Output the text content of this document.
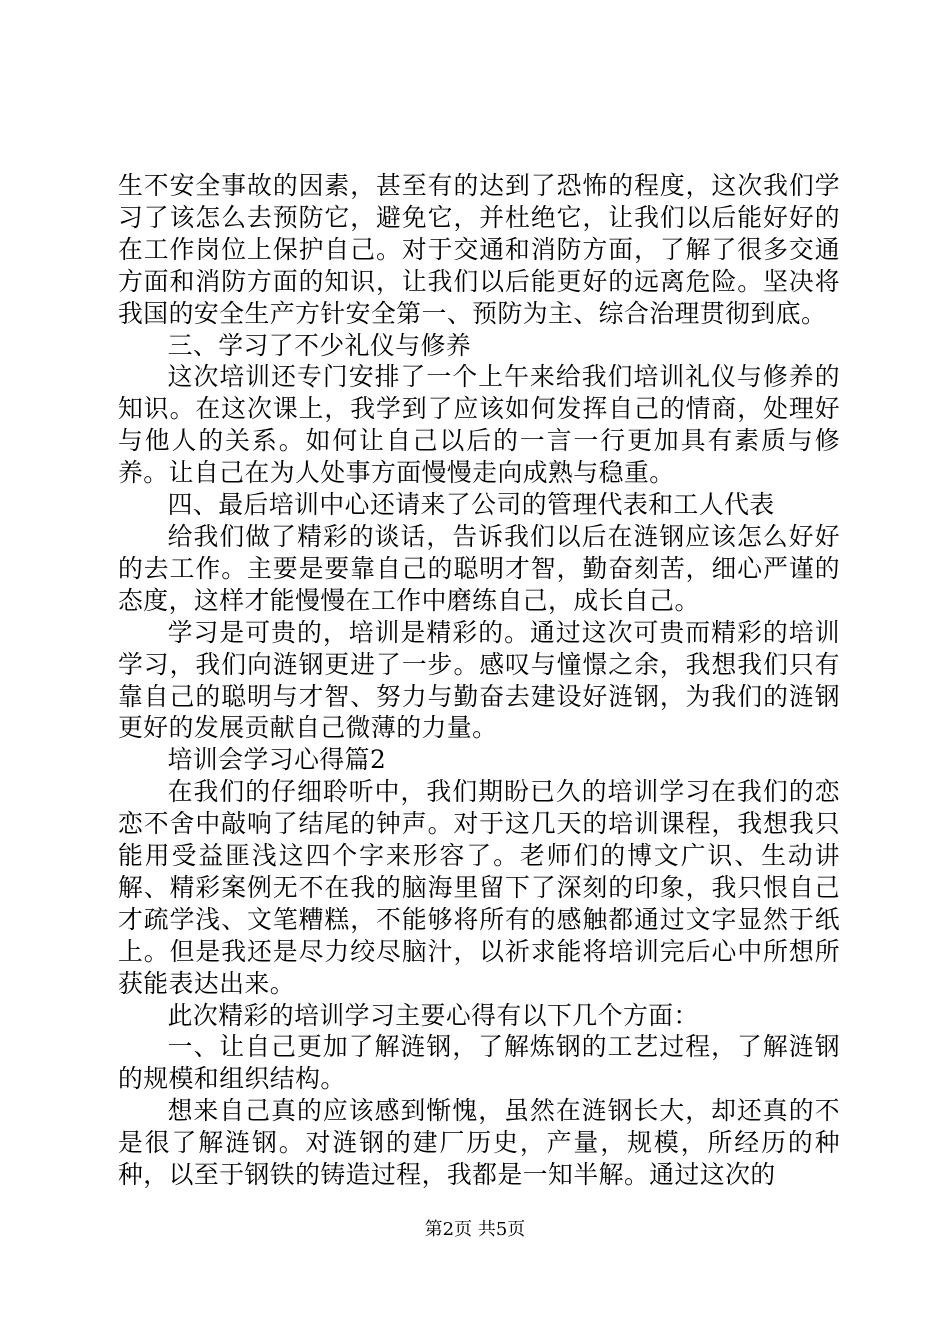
生不安全事故的因素，甚至有的达到了恐怖的程度，这次我们学习了该怎么去预防它，避免它，并杜绝它，让我们以后能好好的在工作岗位上保护自己。对于交通和消防方面，了解了很多交通方面和消防方面的知识，让我们以后能更好的远离危险。坚决将我国的安全生产方针安全第一、预防为主、综合治理贯彻到底。

三、学习了不少礼仪与修养

这次培训还专门安排了一个上午来给我们培训礼仪与修养的知识。在这次课上，我学到了应该如何发挥自己的情商，处理好与他人的关系。如何让自己以后的一言一行更加具有素质与修养。让自己在为人处事方面慢慢走向成熟与稳重。

四、最后培训中心还请来了公司的管理代表和工人代表

给我们做了精彩的谈话，告诉我们以后在涟钢应该怎么好好的去工作。主要是要靠自己的聪明才智，勤奋刻苦，细心严谨的态度，这样才能慢慢在工作中磨练自己，成长自己。

学习是可贵的，培训是精彩的。通过这次可贵而精彩的培训学习，我们向涟钢更进了一步。感叹与憧憬之余，我想我们只有靠自己的聪明与才智、努力与勤奋去建设好涟钢，为我们的涟钢更好的发展贡献自己微薄的力量。

培训会学习心得篇2

在我们的仔细聆听中，我们期盼已久的培训学习在我们的恋恋不舍中敲响了结尾的钟声。对于这几天的培训课程，我想我只能用受益匪浅这四个字来形容了。老师们的博文广识、生动讲解、精彩案例无不在我的脑海里留下了深刻的印象，我只恨自己才疏学浅、文笔糟糕，不能够将所有的感触都通过文字显然于纸上。但是我还是尽力绞尽脑汁，以祈求能将培训完后心中所想所获能表达出来。

此次精彩的培训学习主要心得有以下几个方面：

一、让自己更加了解涟钢，了解炼钢的工艺过程，了解涟钢的规模和组织结构。

想来自己真的应该感到惭愧，虽然在涟钢长大，却还真的不是很了解涟钢。对涟钢的建厂历史，产量，规模，所经历的种种，以至于钢铁的铸造过程，我都是一知半解。通过这次的

第2页 共5页
